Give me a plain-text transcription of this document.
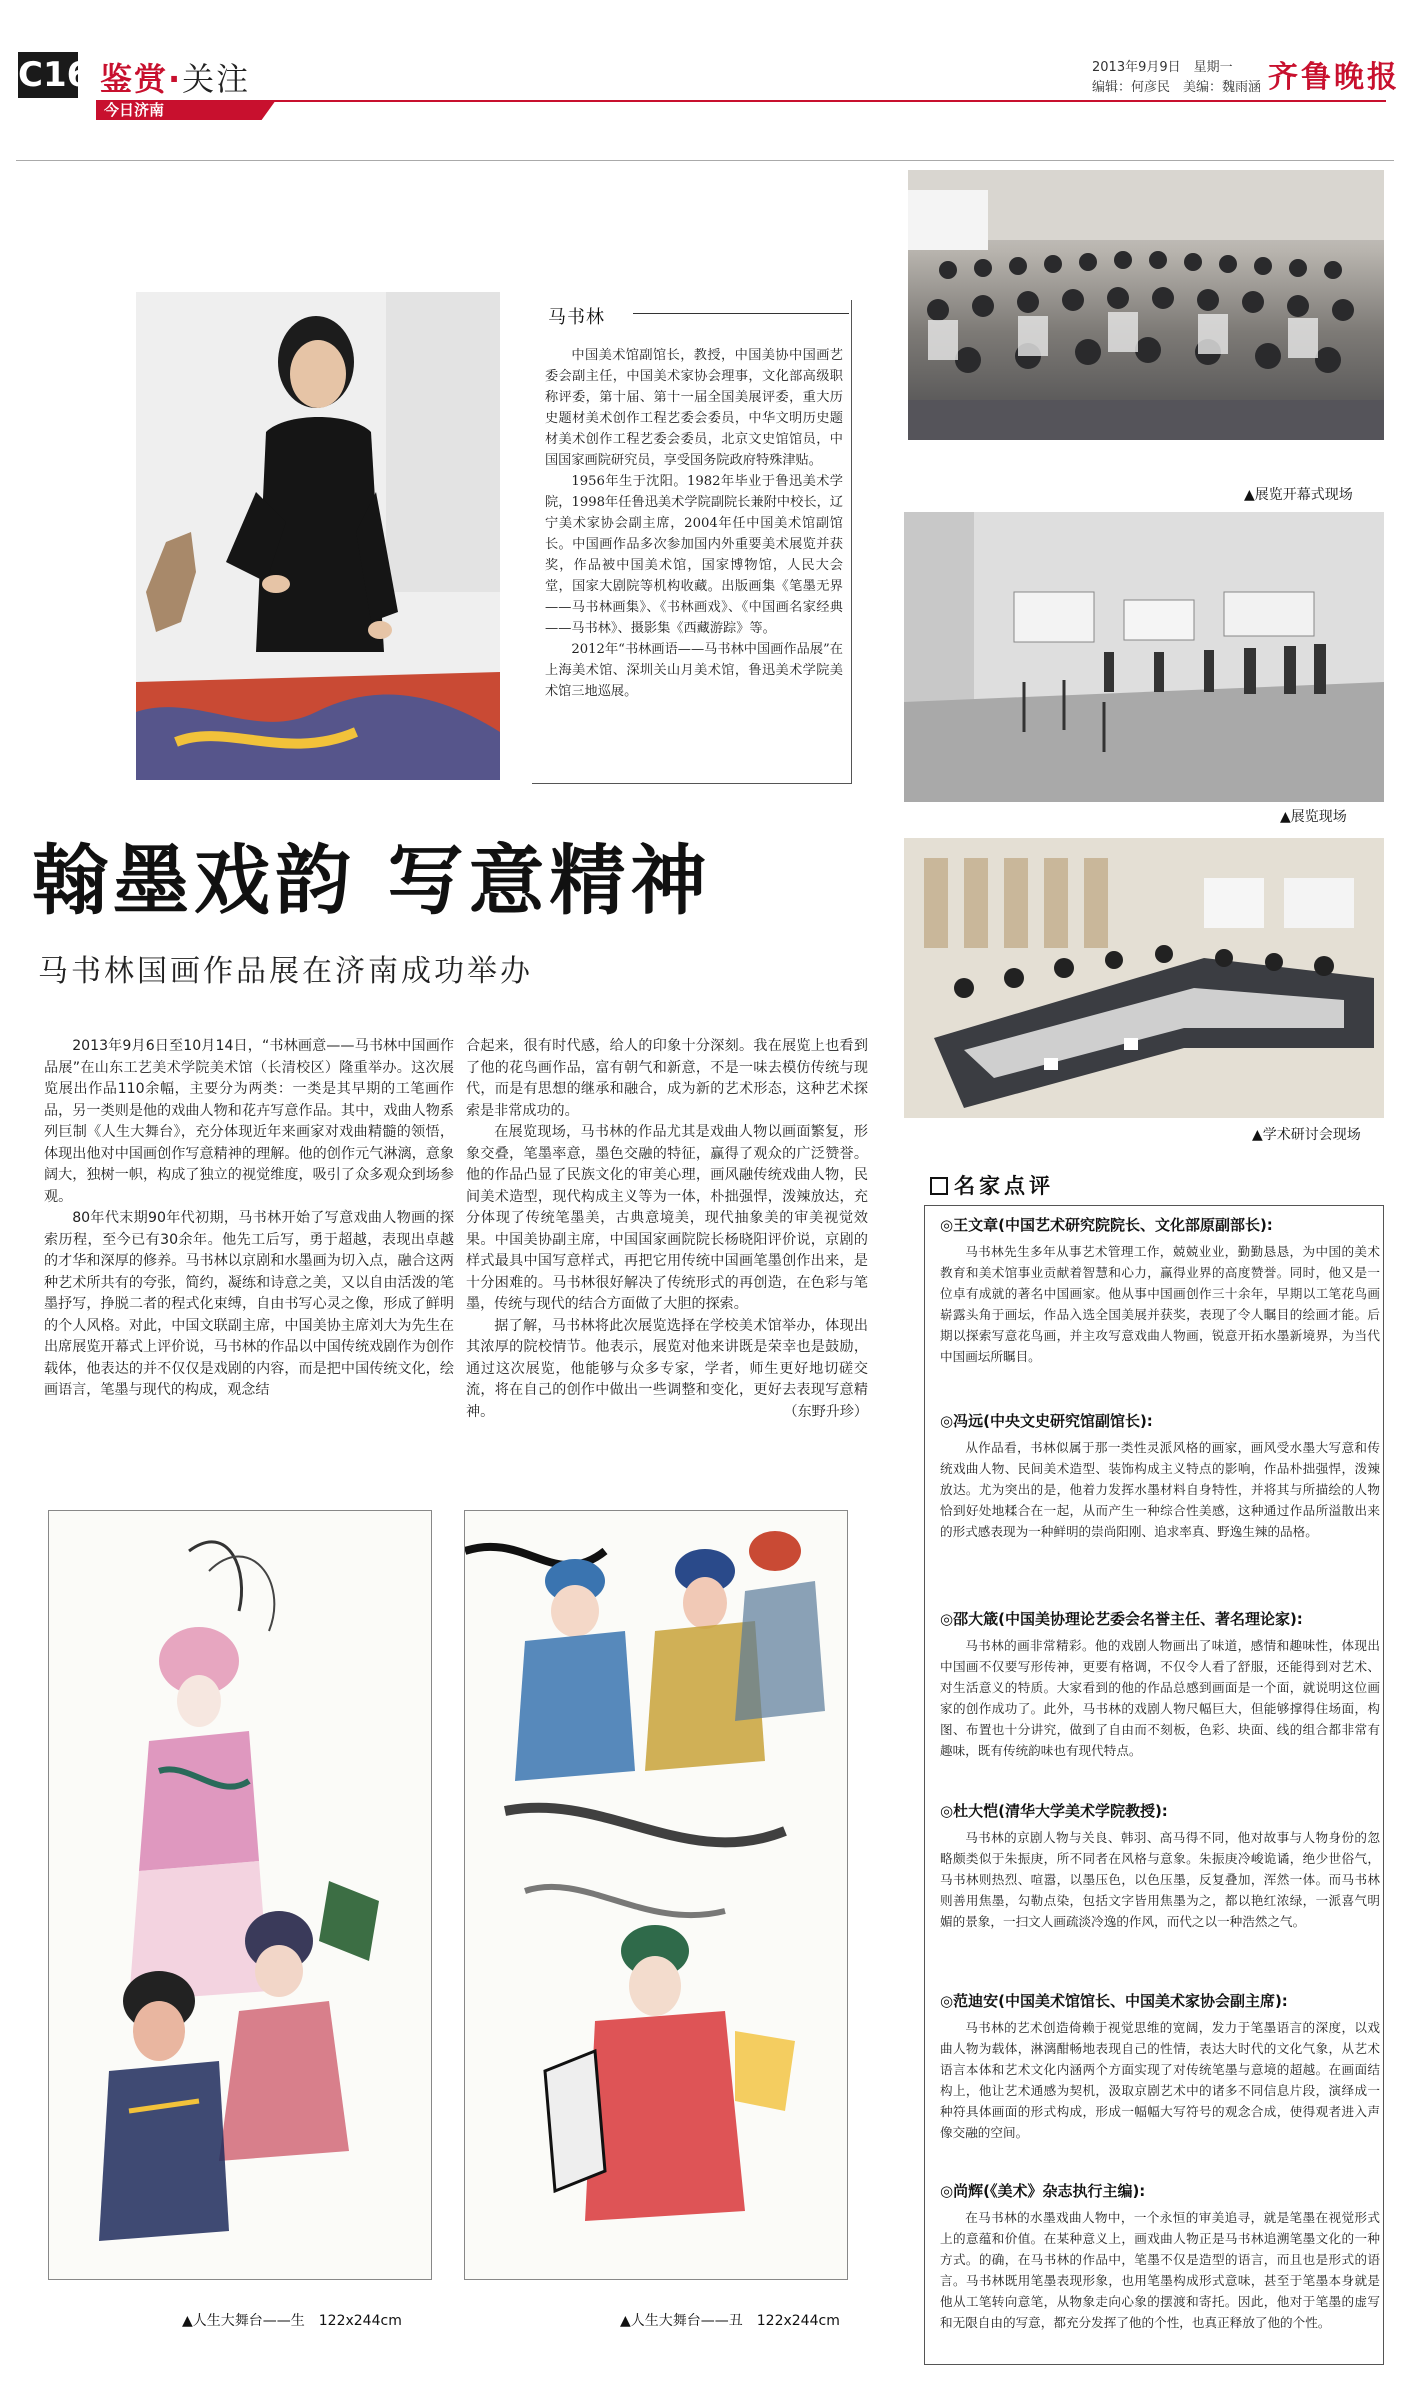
C16 鉴赏·关注
今日济南
2013年9月9日　星期一
编辑：何彦民　美编：魏雨涵 齐鲁晚报
马书林

中国美术馆副馆长，教授，中国美协中国画艺委会副主任，中国美术家协会理事，文化部高级职称评委，第十届、第十一届全国美展评委，重大历史题材美术创作工程艺委会委员，中华文明历史题材美术创作工程艺委会委员，北京文史馆馆员，中国国家画院研究员，享受国务院政府特殊津贴。

1956年生于沈阳。1982年毕业于鲁迅美术学院，1998年任鲁迅美术学院副院长兼附中校长，辽宁美术家协会副主席，2004年任中国美术馆副馆长。中国画作品多次参加国内外重要美术展览并获奖，作品被中国美术馆，国家博物馆，人民大会堂，国家大剧院等机构收藏。出版画集《笔墨无界——马书林画集》、《书林画戏》、《中国画名家经典——马书林》、摄影集《西藏游踪》等。

2012年“书林画语——马书林中国画作品展”在上海美术馆、深圳关山月美术馆，鲁迅美术学院美术馆三地巡展。

▲展览开幕式现场
▲展览现场
▲学术研讨会现场
翰墨戏韵 写意精神
马书林国画作品展在济南成功举办

2013年9月6日至10月14日，“书林画意——马书林中国画作品展”在山东工艺美术学院美术馆（长清校区）隆重举办。这次展览展出作品110余幅，主要分为两类：一类是其早期的工笔画作品，另一类则是他的戏曲人物和花卉写意作品。其中，戏曲人物系列巨制《人生大舞台》，充分体现近年来画家对戏曲精髓的领悟，体现出他对中国画创作写意精神的理解。他的创作元气淋漓，意象阔大，独树一帜，构成了独立的视觉维度，吸引了众多观众到场参观。

80年代末期90年代初期，马书林开始了写意戏曲人物画的探索历程，至今已有30余年。他先工后写，勇于超越，表现出卓越的才华和深厚的修养。马书林以京剧和水墨画为切入点，融合这两种艺术所共有的夸张，简约，凝练和诗意之美，又以自由活泼的笔墨抒写，挣脱二者的程式化束缚，自由书写心灵之像，形成了鲜明的个人风格。对此，中国文联副主席，中国美协主席刘大为先生在出席展览开幕式上评价说，马书林的作品以中国传统戏剧作为创作载体，他表达的并不仅仅是戏剧的内容，而是把中国传统文化，绘画语言，笔墨与现代的构成，观念结

合起来，很有时代感，给人的印象十分深刻。我在展览上也看到了他的花鸟画作品，富有朝气和新意，不是一味去模仿传统与现代，而是有思想的继承和融合，成为新的艺术形态，这种艺术探索是非常成功的。

在展览现场，马书林的作品尤其是戏曲人物以画面繁复，形象交叠，笔墨率意，墨色交融的特征，赢得了观众的广泛赞誉。他的作品凸显了民族文化的审美心理，画风融传统戏曲人物，民间美术造型，现代构成主义等为一体，朴拙强悍，泼辣放达，充分体现了传统笔墨美，古典意境美，现代抽象美的审美视觉效果。中国美协副主席，中国国家画院院长杨晓阳评价说，京剧的样式最具中国写意样式，再把它用传统中国画笔墨创作出来，是十分困难的。马书林很好解决了传统形式的再创造，在色彩与笔墨，传统与现代的结合方面做了大胆的探索。

据了解，马书林将此次展览选择在学校美术馆举办，体现出其浓厚的院校情节。他表示，展览对他来讲既是荣幸也是鼓励，通过这次展览，他能够与众多专家，学者，师生更好地切磋交流，将在自己的创作中做出一些调整和变化，更好去表现写意精神。	（东野升珍）

▲人生大舞台——生　122x244cm	▲人生大舞台——丑　122x244cm
名家点评
◎王文章(中国艺术研究院院长、文化部原副部长):

马书林先生多年从事艺术管理工作，兢兢业业，勤勤恳恳，为中国的美术教育和美术馆事业贡献着智慧和心力，赢得业界的高度赞誉。同时，他又是一位卓有成就的著名中国画家。他从事中国画创作三十余年，早期以工笔花鸟画崭露头角于画坛，作品入选全国美展并获奖，表现了令人瞩目的绘画才能。后期以探索写意花鸟画，并主攻写意戏曲人物画，锐意开拓水墨新境界，为当代中国画坛所瞩目。

◎冯远(中央文史研究馆副馆长):

从作品看，书林似属于那一类性灵派风格的画家，画风受水墨大写意和传统戏曲人物、民间美术造型、装饰构成主义特点的影响，作品朴拙强悍，泼辣放达。尤为突出的是，他着力发挥水墨材料自身特性，并将其与所描绘的人物恰到好处地糅合在一起，从而产生一种综合性美感，这种通过作品所溢散出来的形式感表现为一种鲜明的崇尚阳刚、追求率真、野逸生辣的品格。

◎邵大箴(中国美协理论艺委会名誉主任、著名理论家):

马书林的画非常精彩。他的戏剧人物画出了味道，感情和趣味性，体现出中国画不仅要写形传神，更要有格调，不仅令人看了舒服，还能得到对艺术、对生活意义的特质。大家看到的他的作品总感到画面是一个面，就说明这位画家的创作成功了。此外，马书林的戏剧人物尺幅巨大，但能够撑得住场面，构图、布置也十分讲究，做到了自由而不刻板，色彩、块面、线的组合都非常有趣味，既有传统韵味也有现代特点。

◎杜大恺(清华大学美术学院教授):

马书林的京剧人物与关良、韩羽、高马得不同，他对故事与人物身份的忽略颇类似于朱振庚，所不同者在风格与意象。朱振庚冷峻诡谲，绝少世俗气，马书林则热烈、喧嚣，以墨压色，以色压墨，反复叠加，浑然一体。而马书林则善用焦墨，勾勒点染，包括文字皆用焦墨为之，都以艳红浓绿，一派喜气明媚的景象，一扫文人画疏淡冷逸的作风，而代之以一种浩然之气。

◎范迪安(中国美术馆馆长、中国美术家协会副主席):

马书林的艺术创造倚赖于视觉思维的宽阔，发力于笔墨语言的深度，以戏曲人物为载体，淋漓酣畅地表现自己的性情，表达大时代的文化气象，从艺术语言本体和艺术文化内涵两个方面实现了对传统笔墨与意境的超越。在画面结构上，他让艺术通感为契机，汲取京剧艺术中的诸多不同信息片段，演绎成一种符具体画面的形式构成，形成一幅幅大写符号的观念合成，使得观者进入声像交融的空间。

◎尚辉(《美术》杂志执行主编):

在马书林的水墨戏曲人物中，一个永恒的审美追寻，就是笔墨在视觉形式上的意蕴和价值。在某种意义上，画戏曲人物正是马书林追溯笔墨文化的一种方式。的确，在马书林的作品中，笔墨不仅是造型的语言，而且也是形式的语言。马书林既用笔墨表现形象，也用笔墨构成形式意味，甚至于笔墨本身就是他从工笔转向意笔，从物象走向心象的摆渡和寄托。因此，他对于笔墨的虚写和无限自由的写意，都充分发挥了他的个性，也真正释放了他的个性。
